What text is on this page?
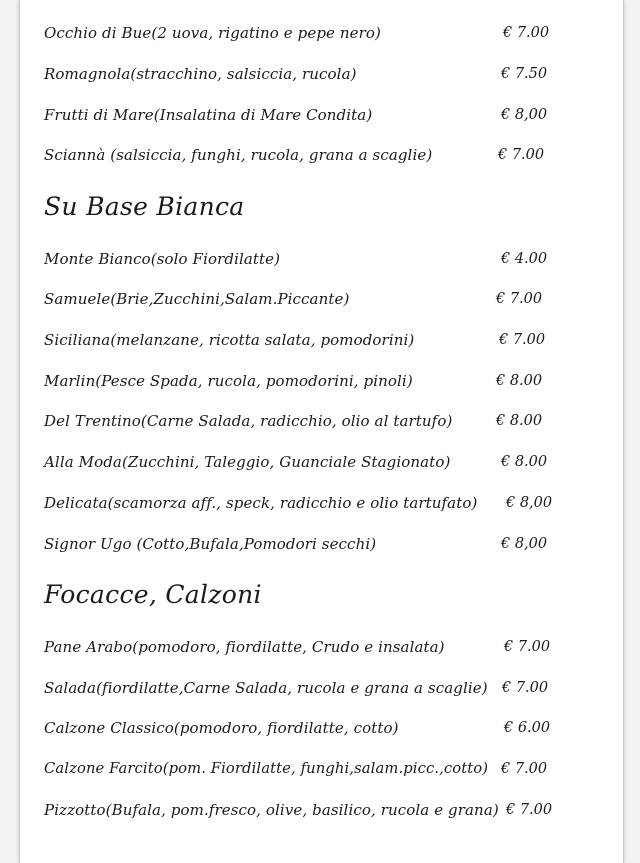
Occhio di Bue(2 uova, rigatino e pepe nero)	€ 7.00
Romagnola(stracchino, salsiccia, rucola)	€ 7.50
Frutti di Mare(Insalatina di Mare Condita)	€ 8,00
Sciannà (salsiccia, funghi, rucola, grana a scaglie)	€ 7.00
Su Base Bianca
Monte Bianco(solo Fiordilatte)	€ 4.00
Samuele(Brie,Zucchini,Salam.Piccante)	€ 7.00
Siciliana(melanzane, ricotta salata, pomodorini)	€ 7.00
Marlin(Pesce Spada, rucola, pomodorini, pinoli)	€ 8.00
Del Trentino(Carne Salada, radicchio, olio al tartufo)	€ 8.00
Alla Moda(Zucchini, Taleggio, Guanciale Stagionato)	€ 8.00
Delicata(scamorza aff., speck, radicchio e olio tartufato) € 8,00
Signor Ugo (Cotto,Bufala,Pomodori secchi)	€ 8,00
Focacce, Calzoni
Pane Arabo(pomodoro, fiordilatte, Crudo e insalata)	€ 7.00
Salada(fiordilatte,Carne Salada, rucola e grana a scaglie) € 7.00
Calzone Classico(pomodoro, fiordilatte, cotto)	€ 6.00
Calzone Farcito(pom. Fiordilatte, funghi,salam.picc.,cotto) € 7.00
Pizzotto(Bufala, pom.fresco, olive, basilico, rucola e grana) € 7.00
